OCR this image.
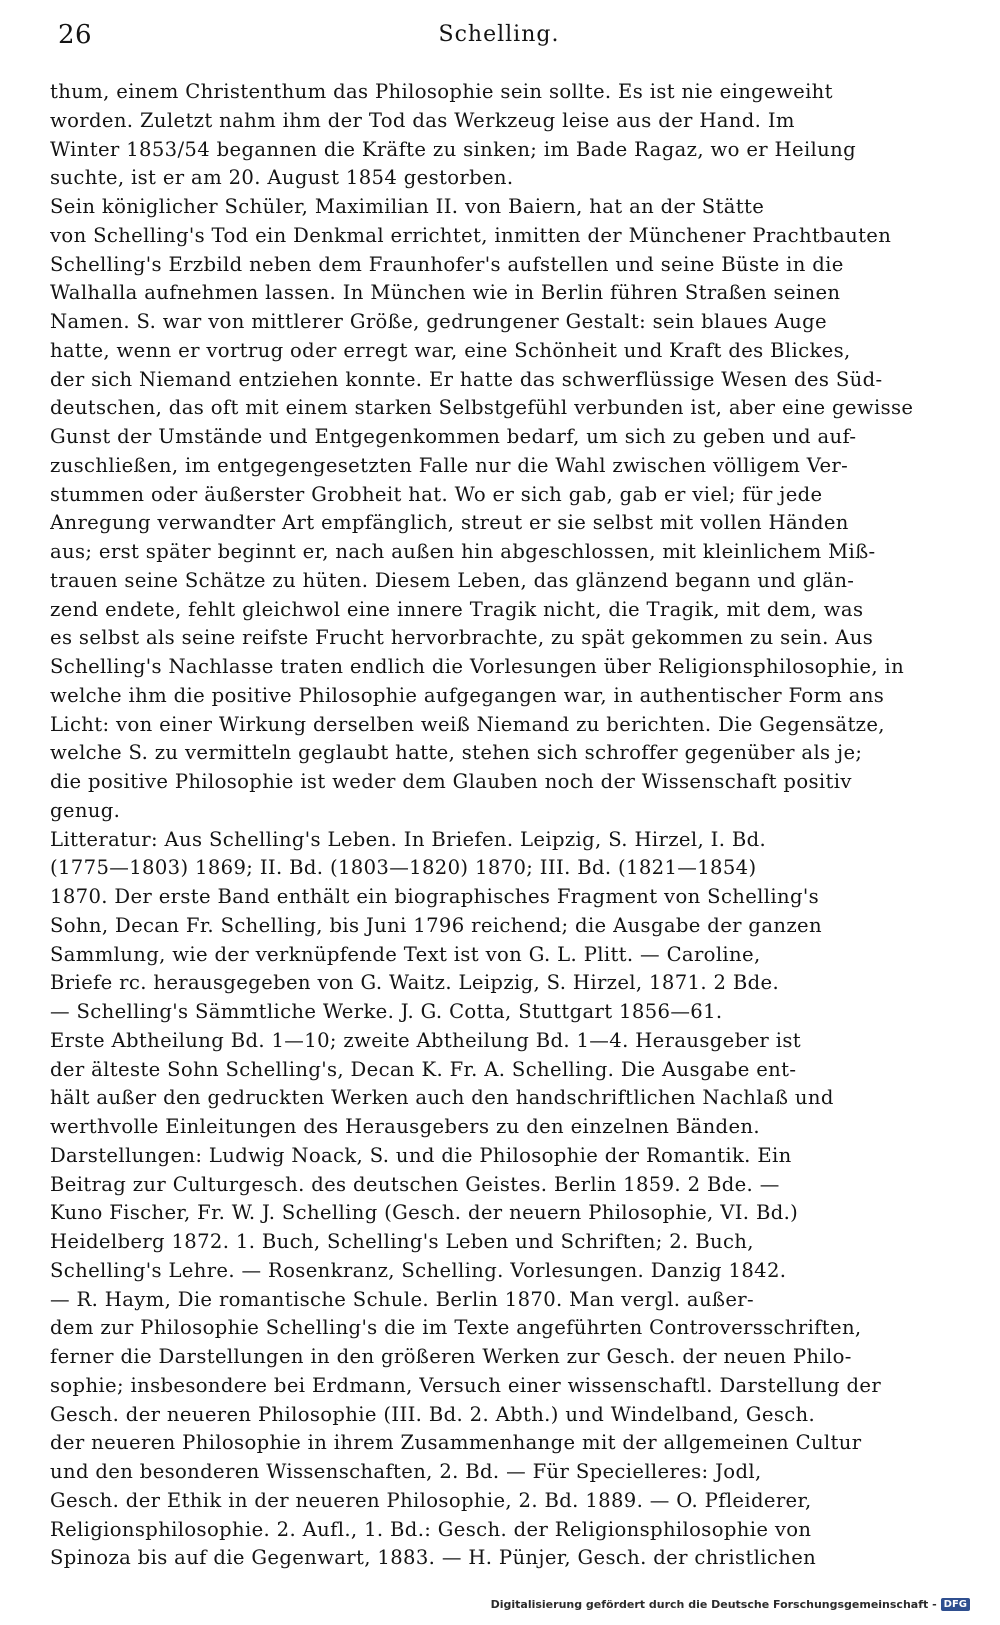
26	Schelling.
thum, einem Christenthum das Philosophie sein sollte. Es ist nie eingeweiht
worden. Zuletzt nahm ihm der Tod das Werkzeug leise aus der Hand. Im
Winter 1853/54 begannen die Kräfte zu sinken; im Bade Ragaz, wo er Heilung
suchte, ist er am 20. August 1854 gestorben.
Sein königlicher Schüler, Maximilian II. von Baiern, hat an der Stätte
von Schelling's Tod ein Denkmal errichtet, inmitten der Münchener Prachtbauten
Schelling's Erzbild neben dem Fraunhofer's aufstellen und seine Büste in die
Walhalla aufnehmen lassen. In München wie in Berlin führen Straßen seinen
Namen. S. war von mittlerer Größe, gedrungener Gestalt: sein blaues Auge
hatte, wenn er vortrug oder erregt war, eine Schönheit und Kraft des Blickes,
der sich Niemand entziehen konnte. Er hatte das schwerflüssige Wesen des Süd-
deutschen, das oft mit einem starken Selbstgefühl verbunden ist, aber eine gewisse
Gunst der Umstände und Entgegenkommen bedarf, um sich zu geben und auf-
zuschließen, im entgegengesetzten Falle nur die Wahl zwischen völligem Ver-
stummen oder äußerster Grobheit hat. Wo er sich gab, gab er viel; für jede
Anregung verwandter Art empfänglich, streut er sie selbst mit vollen Händen
aus; erst später beginnt er, nach außen hin abgeschlossen, mit kleinlichem Miß-
trauen seine Schätze zu hüten. Diesem Leben, das glänzend begann und glän-
zend endete, fehlt gleichwol eine innere Tragik nicht, die Tragik, mit dem, was
es selbst als seine reifste Frucht hervorbrachte, zu spät gekommen zu sein. Aus
Schelling's Nachlasse traten endlich die Vorlesungen über Religionsphilosophie, in
welche ihm die positive Philosophie aufgegangen war, in authentischer Form ans
Licht: von einer Wirkung derselben weiß Niemand zu berichten. Die Gegensätze,
welche S. zu vermitteln geglaubt hatte, stehen sich schroffer gegenüber als je;
die positive Philosophie ist weder dem Glauben noch der Wissenschaft positiv
genug.
Litteratur: Aus Schelling's Leben. In Briefen. Leipzig, S. Hirzel, I. Bd.
(1775—1803) 1869; II. Bd. (1803—1820) 1870; III. Bd. (1821—1854)
1870. Der erste Band enthält ein biographisches Fragment von Schelling's
Sohn, Decan Fr. Schelling, bis Juni 1796 reichend; die Ausgabe der ganzen
Sammlung, wie der verknüpfende Text ist von G. L. Plitt. — Caroline,
Briefe rc. herausgegeben von G. Waitz. Leipzig, S. Hirzel, 1871. 2 Bde.
— Schelling's Sämmtliche Werke. J. G. Cotta, Stuttgart 1856—61.
Erste Abtheilung Bd. 1—10; zweite Abtheilung Bd. 1—4. Herausgeber ist
der älteste Sohn Schelling's, Decan K. Fr. A. Schelling. Die Ausgabe ent-
hält außer den gedruckten Werken auch den handschriftlichen Nachlaß und
werthvolle Einleitungen des Herausgebers zu den einzelnen Bänden.
Darstellungen: Ludwig Noack, S. und die Philosophie der Romantik. Ein
Beitrag zur Culturgesch. des deutschen Geistes. Berlin 1859. 2 Bde. —
Kuno Fischer, Fr. W. J. Schelling (Gesch. der neuern Philosophie, VI. Bd.)
Heidelberg 1872. 1. Buch, Schelling's Leben und Schriften; 2. Buch,
Schelling's Lehre. — Rosenkranz, Schelling. Vorlesungen. Danzig 1842.
— R. Haym, Die romantische Schule. Berlin 1870. Man vergl. außer-
dem zur Philosophie Schelling's die im Texte angeführten Controversschriften,
ferner die Darstellungen in den größeren Werken zur Gesch. der neuen Philo-
sophie; insbesondere bei Erdmann, Versuch einer wissenschaftl. Darstellung der
Gesch. der neueren Philosophie (III. Bd. 2. Abth.) und Windelband, Gesch.
der neueren Philosophie in ihrem Zusammenhange mit der allgemeinen Cultur
und den besonderen Wissenschaften, 2. Bd. — Für Specielleres: Jodl,
Gesch. der Ethik in der neueren Philosophie, 2. Bd. 1889. — O. Pfleiderer,
Religionsphilosophie. 2. Aufl., 1. Bd.: Gesch. der Religionsphilosophie von
Spinoza bis auf die Gegenwart, 1883. — H. Pünjer, Gesch. der christlichen
Digitalisierung gefördert durch die Deutsche Forschungsgemeinschaft - DFG
